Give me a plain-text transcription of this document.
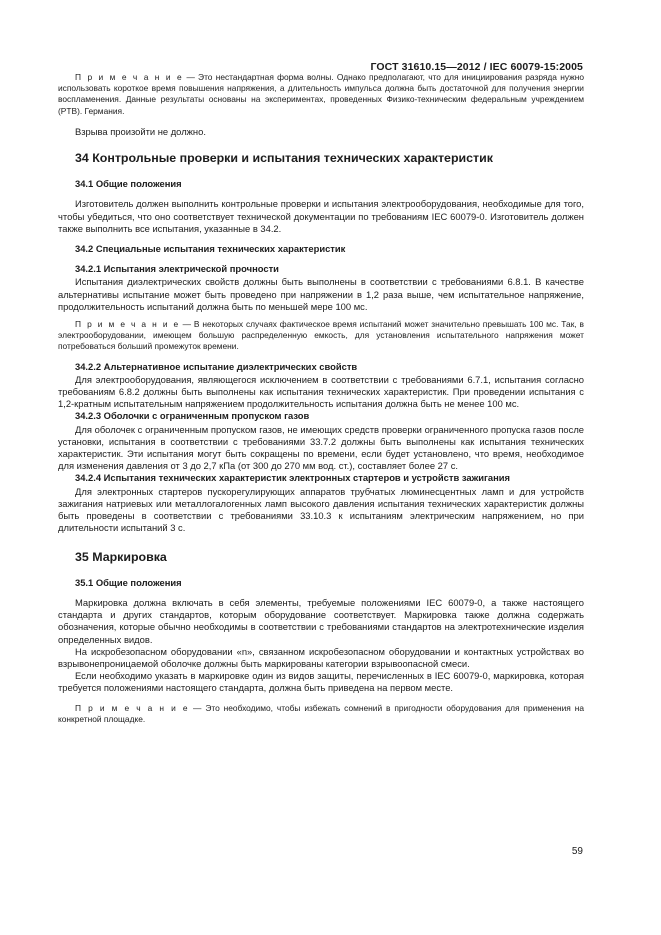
ГОСТ 31610.15—2012 / IEC 60079-15:2005

П р и м е ч а н и е — Это нестандартная форма волны. Однако предполагают, что для инициирования разряда нужно использовать короткое время повышения напряжения, а длительность импульса должна быть достаточной для получения энергии воспламенения. Данные результаты основаны на экспериментах, проведенных Физико-техническим федеральным учреждением (PTB). Германия.

Взрыва произойти не должно.

34 Контрольные проверки и испытания технических характеристик

34.1 Общие положения

Изготовитель должен выполнить контрольные проверки и испытания электрооборудования, необходимые для того, чтобы убедиться, что оно соответствует технической документации по требованиям IEC 60079-0. Изготовитель должен также выполнить все испытания, указанные в 34.2.

34.2 Специальные испытания технических характеристик

34.2.1 Испытания электрической прочности

Испытания диэлектрических свойств должны быть выполнены в соответствии с требованиями 6.8.1. В качестве альтернативы испытание может быть проведено при напряжении в 1,2 раза выше, чем испытательное напряжение, продолжительность испытаний должна быть по меньшей мере 100 мс.

П р и м е ч а н и е — В некоторых случаях фактическое время испытаний может значительно превышать 100 мс. Так, в электрооборудовании, имеющем большую распределенную емкость, для установления испытательного напряжения может потребоваться больший промежуток времени.

34.2.2 Альтернативное испытание диэлектрических свойств

Для электрооборудования, являющегося исключением в соответствии с требованиями 6.7.1, испытания согласно требованиям 6.8.2 должны быть выполнены как испытания технических характеристик. При проведении испытания с 1,2-кратным испытательным напряжением продолжительность испытания должна быть не менее 100 мс.

34.2.3 Оболочки с ограниченным пропуском газов

Для оболочек с ограниченным пропуском газов, не имеющих средств проверки ограниченного пропуска газов после установки, испытания в соответствии с требованиями 33.7.2 должны быть выполнены как испытания технических характеристик. Эти испытания могут быть сокращены по времени, если будет установлено, что время, необходимое для изменения давления от 3 до 2,7 кПа (от 300 до 270 мм вод. ст.), составляет более 27 с.

34.2.4 Испытания технических характеристик электронных стартеров и устройств зажигания

Для электронных стартеров пускорегулирующих аппаратов трубчатых люминесцентных ламп и для устройств зажигания натриевых или металлогалогенных ламп высокого давления испытания технических характеристик должны быть проведены в соответствии с требованиями 33.10.3 к испытаниям электрическим напряжением, но при длительности испытаний 3 с.

35 Маркировка

35.1 Общие положения

Маркировка должна включать в себя элементы, требуемые положениями IEC 60079-0, а также настоящего стандарта и других стандартов, которым оборудование соответствует. Маркировка также должна содержать обозначения, которые обычно необходимы в соответствии с требованиями стандартов на электротехнические изделия определенных видов.

На искробезопасном оборудовании «n», связанном искробезопасном оборудовании и контактных устройствах во взрывонепроницаемой оболочке должны быть маркированы категории взрывоопасной смеси.

Если необходимо указать в маркировке один из видов защиты, перечисленных в IEC 60079-0, маркировка, которая требуется положениями настоящего стандарта, должна быть приведена на первом месте.

П р и м е ч а н и е — Это необходимо, чтобы избежать сомнений в пригодности оборудования для применения на конкретной площадке.

59
